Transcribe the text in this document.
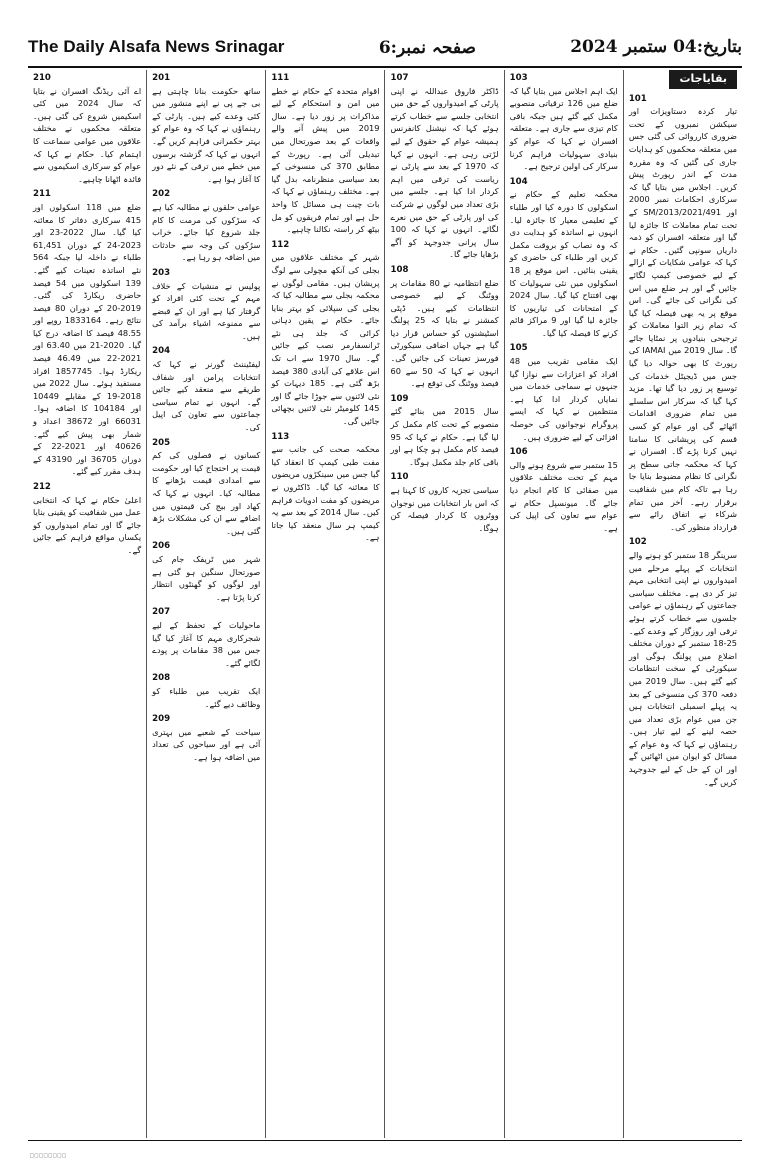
The Daily Alsafa News Srinagar	صفحہ نمبر:6	بتاریخ:04 ستمبر 2024
بقایاجات
101

تیار کردہ دستاویزات اور سیکشن نمبروں کے تحت ضروری کارروائی کی گئی جس میں متعلقہ محکموں کو ہدایات جاری کی گئیں کہ وہ مقررہ مدت کے اندر رپورٹ پیش کریں۔ اجلاس میں بتایا گیا کہ سرکاری احکامات نمبر 2000 اور 2021/491/SM/2013 کے تحت تمام معاملات کا جائزہ لیا گیا اور متعلقہ افسران کو ذمہ داریاں سونپی گئیں۔ حکام نے کہا کہ عوامی شکایات کے ازالے کے لیے خصوصی کیمپ لگائے جائیں گے اور ہر ضلع میں اس کی نگرانی کی جائے گی۔ اس موقع پر یہ بھی فیصلہ کیا گیا کہ تمام زیر التوا معاملات کو ترجیحی بنیادوں پر نمٹایا جائے گا۔ سال 2019 میں IAMAI کی رپورٹ کا بھی حوالہ دیا گیا جس میں ڈیجیٹل خدمات کی توسیع پر زور دیا گیا تھا۔ مزید کہا گیا کہ سرکار اس سلسلے میں تمام ضروری اقدامات اٹھائے گی اور عوام کو کسی قسم کی پریشانی کا سامنا نہیں کرنا پڑے گا۔ افسران نے کہا کہ محکمہ جاتی سطح پر نگرانی کا نظام مضبوط بنایا جا رہا ہے تاکہ کام میں شفافیت برقرار رہے۔ آخر میں تمام شرکاء نے اتفاق رائے سے قرارداد منظور کی۔

102

سرینگر 18 ستمبر کو ہونے والے انتخابات کے پہلے مرحلے میں امیدواروں نے اپنی انتخابی مہم تیز کر دی ہے۔ مختلف سیاسی جماعتوں کے رہنماؤں نے عوامی جلسوں سے خطاب کرتے ہوئے ترقی اور روزگار کے وعدے کیے۔ 25-18 ستمبر کے دوران مختلف اضلاع میں پولنگ ہوگی اور سیکورٹی کے سخت انتظامات کیے گئے ہیں۔ سال 2019 میں دفعہ 370 کی منسوخی کے بعد یہ پہلے اسمبلی انتخابات ہیں جن میں عوام بڑی تعداد میں حصہ لینے کے لیے تیار ہیں۔ رہنماؤں نے کہا کہ وہ عوام کے مسائل کو ایوان میں اٹھائیں گے اور ان کے حل کے لیے جدوجہد کریں گے۔

103

ایک اہم اجلاس میں بتایا گیا کہ ضلع میں 126 ترقیاتی منصوبے مکمل کیے گئے ہیں جبکہ باقی کام تیزی سے جاری ہے۔ متعلقہ افسران نے کہا کہ عوام کو بنیادی سہولیات فراہم کرنا سرکار کی اولین ترجیح ہے۔

104

محکمہ تعلیم کے حکام نے اسکولوں کا دورہ کیا اور طلباء کے تعلیمی معیار کا جائزہ لیا۔ انہوں نے اساتذہ کو ہدایت دی کہ وہ نصاب کو بروقت مکمل کریں اور طلباء کی حاضری کو یقینی بنائیں۔ اس موقع پر 18 اسکولوں میں نئی سہولیات کا بھی افتتاح کیا گیا۔ سال 2024 کے امتحانات کی تیاریوں کا جائزہ لیا گیا اور 9 مراکز قائم کرنے کا فیصلہ کیا گیا۔

105

ایک مقامی تقریب میں 48 افراد کو اعزازات سے نوازا گیا جنہوں نے سماجی خدمات میں نمایاں کردار ادا کیا ہے۔ منتظمین نے کہا کہ ایسے پروگرام نوجوانوں کی حوصلہ افزائی کے لیے ضروری ہیں۔

106

15 ستمبر سے شروع ہونے والی مہم کے تحت مختلف علاقوں میں صفائی کا کام انجام دیا جائے گا۔ میونسپل حکام نے عوام سے تعاون کی اپیل کی ہے۔

107

ڈاکٹر فاروق عبداللہ نے اپنی پارٹی کے امیدواروں کے حق میں انتخابی جلسے سے خطاب کرتے ہوئے کہا کہ نیشنل کانفرنس ہمیشہ عوام کے حقوق کے لیے لڑتی رہی ہے۔ انہوں نے کہا کہ 1970 کے بعد سے پارٹی نے ریاست کی ترقی میں اہم کردار ادا کیا ہے۔ جلسے میں بڑی تعداد میں لوگوں نے شرکت کی اور پارٹی کے حق میں نعرے لگائے۔ انہوں نے کہا کہ 100 سال پرانی جدوجہد کو آگے بڑھایا جائے گا۔

108

ضلع انتظامیہ نے 80 مقامات پر ووٹنگ کے لیے خصوصی انتظامات کیے ہیں۔ ڈپٹی کمشنر نے بتایا کہ 25 پولنگ اسٹیشنوں کو حساس قرار دیا گیا ہے جہاں اضافی سیکورٹی فورسز تعینات کی جائیں گی۔ انہوں نے کہا کہ 50 سے 60 فیصد ووٹنگ کی توقع ہے۔

109

سال 2015 میں بنائے گئے منصوبے کے تحت کام مکمل کر لیا گیا ہے۔ حکام نے کہا کہ 95 فیصد کام مکمل ہو چکا ہے اور باقی کام جلد مکمل ہوگا۔

110

سیاسی تجزیہ کاروں کا کہنا ہے کہ اس بار انتخابات میں نوجوان ووٹروں کا کردار فیصلہ کن ہوگا۔

111

اقوام متحدہ کے حکام نے خطے میں امن و استحکام کے لیے مذاکرات پر زور دیا ہے۔ سال 2019 میں پیش آنے والے واقعات کے بعد صورتحال میں تبدیلی آئی ہے۔ رپورٹ کے مطابق 370 کی منسوخی کے بعد سیاسی منظرنامہ بدل گیا ہے۔ مختلف رہنماؤں نے کہا کہ بات چیت ہی مسائل کا واحد حل ہے اور تمام فریقوں کو مل بیٹھ کر راستہ نکالنا چاہیے۔

112

شہر کے مختلف علاقوں میں بجلی کی آنکھ مچولی سے لوگ پریشان ہیں۔ مقامی لوگوں نے محکمہ بجلی سے مطالبہ کیا کہ بجلی کی سپلائی کو بہتر بنایا جائے۔ حکام نے یقین دہانی کرائی کہ جلد ہی نئے ٹرانسفارمر نصب کیے جائیں گے۔ سال 1970 سے اب تک اس علاقے کی آبادی 380 فیصد بڑھ گئی ہے۔ 185 دیہات کو نئی لائنوں سے جوڑا جائے گا اور 145 کلومیٹر نئی لائنیں بچھائی جائیں گی۔

113

محکمہ صحت کی جانب سے مفت طبی کیمپ کا انعقاد کیا گیا جس میں سینکڑوں مریضوں کا معائنہ کیا گیا۔ ڈاکٹروں نے مریضوں کو مفت ادویات فراہم کیں۔ سال 2014 کے بعد سے یہ کیمپ ہر سال منعقد کیا جاتا ہے۔

201

ساتھ حکومت بنانا چاہتی ہے بی جے پی نے اپنے منشور میں کئی وعدے کیے ہیں۔ پارٹی کے رہنماؤں نے کہا کہ وہ عوام کو بہتر حکمرانی فراہم کریں گے۔ انہوں نے کہا کہ گزشتہ برسوں میں خطے میں ترقی کے نئے دور کا آغاز ہوا ہے۔

202

عوامی حلقوں نے مطالبہ کیا ہے کہ سڑکوں کی مرمت کا کام جلد شروع کیا جائے۔ خراب سڑکوں کی وجہ سے حادثات میں اضافہ ہو رہا ہے۔

203

پولیس نے منشیات کے خلاف مہم کے تحت کئی افراد کو گرفتار کیا ہے اور ان کے قبضے سے ممنوعہ اشیاء برآمد کی ہیں۔

204

لیفٹیننٹ گورنر نے کہا کہ انتخابات پرامن اور شفاف طریقے سے منعقد کیے جائیں گے۔ انہوں نے تمام سیاسی جماعتوں سے تعاون کی اپیل کی۔

205

کسانوں نے فصلوں کی کم قیمت پر احتجاج کیا اور حکومت سے امدادی قیمت بڑھانے کا مطالبہ کیا۔ انہوں نے کہا کہ کھاد اور بیج کی قیمتوں میں اضافے سے ان کی مشکلات بڑھ گئی ہیں۔

206

شہر میں ٹریفک جام کی صورتحال سنگین ہو گئی ہے اور لوگوں کو گھنٹوں انتظار کرنا پڑتا ہے۔

207

ماحولیات کے تحفظ کے لیے شجرکاری مہم کا آغاز کیا گیا جس میں 38 مقامات پر پودے لگائے گئے۔

208

ایک تقریب میں طلباء کو وظائف دیے گئے۔

209

سیاحت کے شعبے میں بہتری آئی ہے اور سیاحوں کی تعداد میں اضافہ ہوا ہے۔

210

اے آئی ریڈنگ افسران نے بتایا کہ سال 2024 میں کئی اسکیمیں شروع کی گئی ہیں۔ متعلقہ محکموں نے مختلف علاقوں میں عوامی سماعت کا اہتمام کیا۔ حکام نے کہا کہ عوام کو سرکاری اسکیموں سے فائدہ اٹھانا چاہیے۔

211

ضلع میں 118 اسکولوں اور 415 سرکاری دفاتر کا معائنہ کیا گیا۔ سال 2022-23 اور 2023-24 کے دوران 61,451 طلباء نے داخلہ لیا جبکہ 564 نئے اساتذہ تعینات کیے گئے۔ 139 اسکولوں میں 54 فیصد حاضری ریکارڈ کی گئی۔ 2019-20 کے دوران 80 فیصد نتائج رہے۔ 1833164 روپے اور 48.55 فیصد کا اضافہ درج کیا گیا۔ 2020-21 میں 63.40 اور 2021-22 میں 46.49 فیصد ریکارڈ ہوا۔ 1857745 افراد مستفید ہوئے۔ سال 2022 میں 2018-19 کے مقابلے 10449 اور 104184 کا اضافہ ہوا۔ 66031 اور 38672 اعداد و شمار بھی پیش کیے گئے۔ 40626 اور 2021-22 کے دوران 36705 اور 43190 کے ہدف مقرر کیے گئے۔

212

اعلیٰ حکام نے کہا کہ انتخابی عمل میں شفافیت کو یقینی بنایا جائے گا اور تمام امیدواروں کو یکساں مواقع فراہم کیے جائیں گے۔

□□□□□□□□
